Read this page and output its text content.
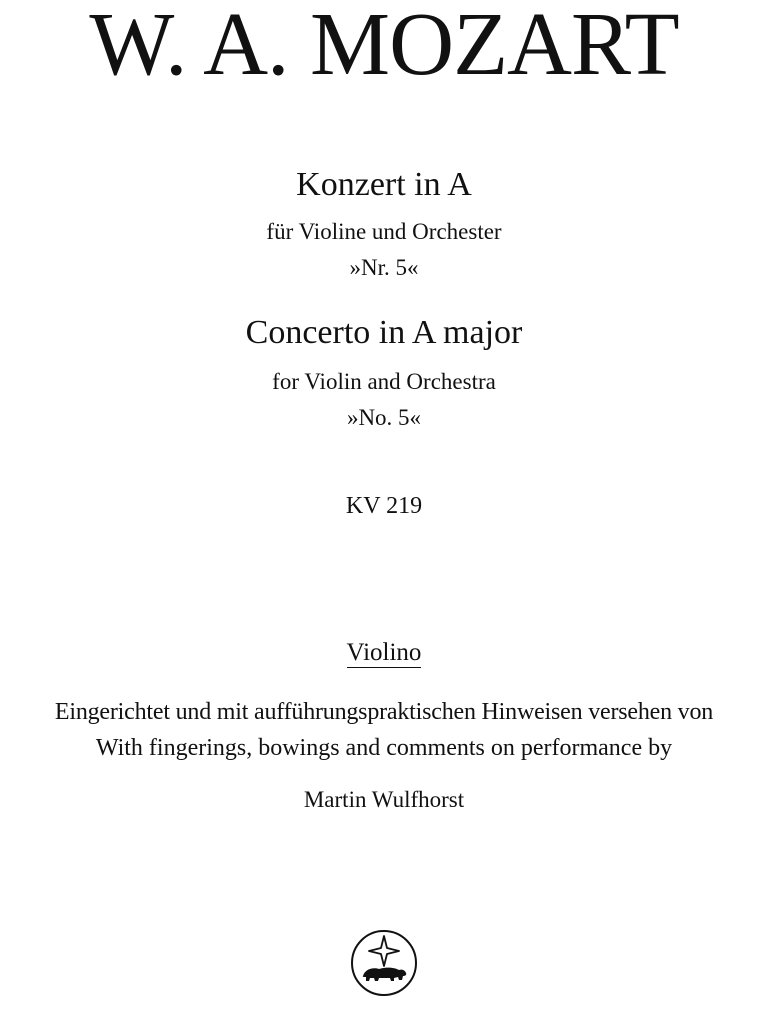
W. A. MOZART
Konzert in A
für Violine und Orchester
»Nr. 5«
Concerto in A major
for Violin and Orchestra
»No. 5«
KV 219
Violino
Eingerichtet und mit aufführungspraktischen Hinweisen versehen von
With fingerings, bowings and comments on performance by
Martin Wulfhorst
